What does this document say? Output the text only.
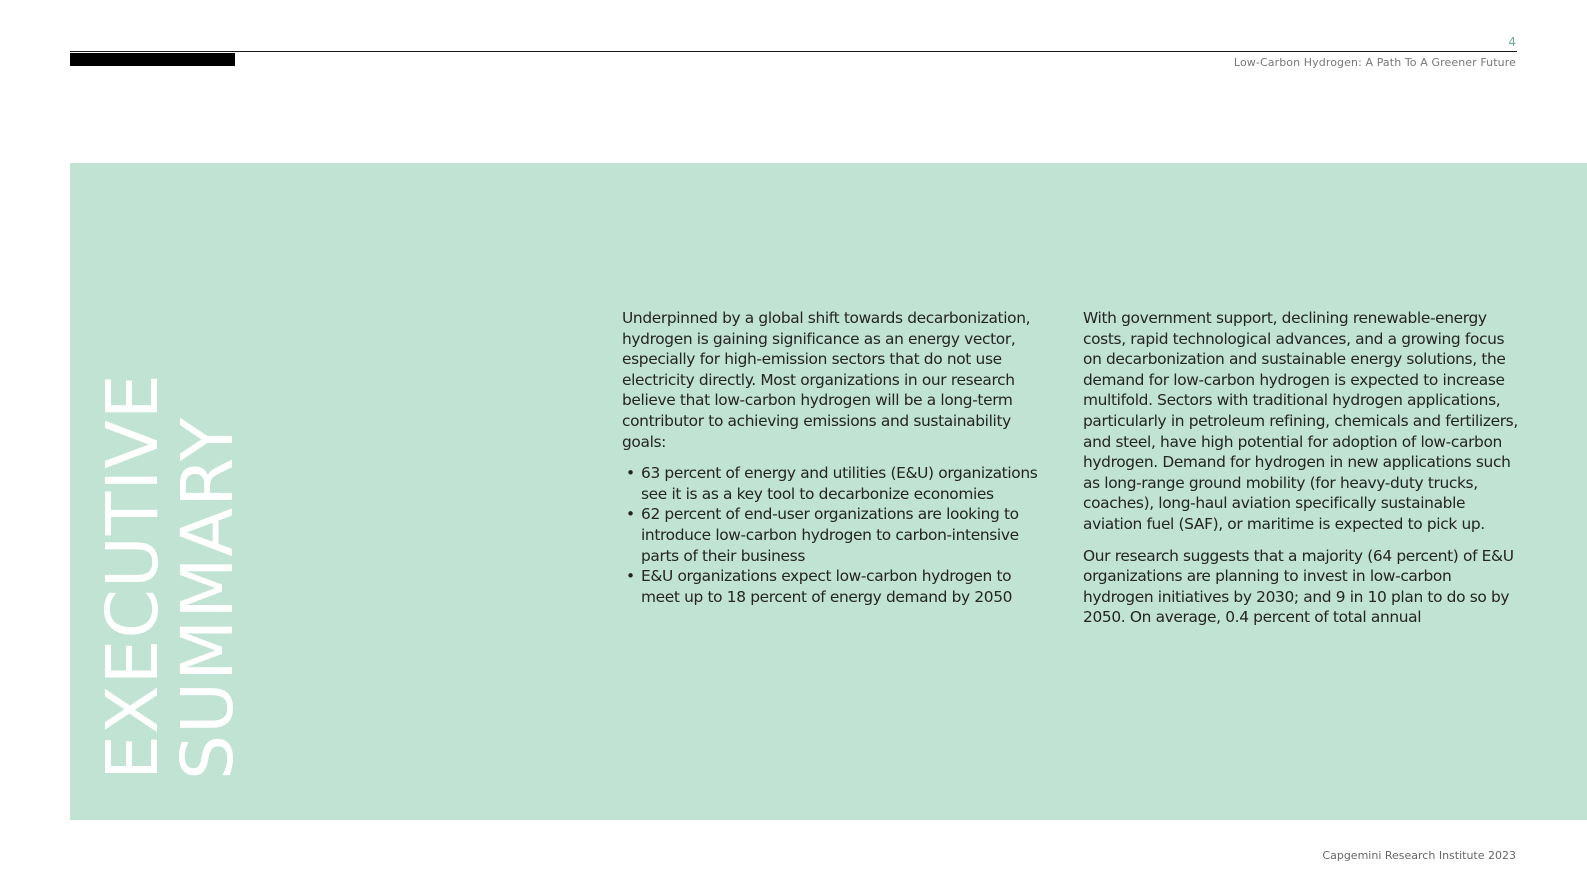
4
Low-Carbon Hydrogen: A Path To A Greener Future
EXECUTIVE
SUMMARY

Underpinned by a global shift towards decarbonization, hydrogen is gaining significance as an energy vector, especially for high-emission sectors that do not use electricity directly. Most organizations in our research believe that low-carbon hydrogen will be a long-term contributor to achieving emissions and sustainability goals:

• 63 percent of energy and utilities (E&U) organizations see it is as a key tool to decarbonize economies
• 62 percent of end-user organizations are looking to introduce low-carbon hydrogen to carbon-intensive parts of their business
• E&U organizations expect low-carbon hydrogen to meet up to 18 percent of energy demand by 2050

With government support, declining renewable-energy costs, rapid technological advances, and a growing focus on decarbonization and sustainable energy solutions, the demand for low-carbon hydrogen is expected to increase multifold. Sectors with traditional hydrogen applications, particularly in petroleum refining, chemicals and fertilizers, and steel, have high potential for adoption of low-carbon hydrogen. Demand for hydrogen in new applications such as long-range ground mobility (for heavy-duty trucks, coaches), long-haul aviation specifically sustainable aviation fuel (SAF), or maritime is expected to pick up.

Our research suggests that a majority (64 percent) of E&U organizations are planning to invest in low-carbon hydrogen initiatives by 2030; and 9 in 10 plan to do so by 2050. On average, 0.4 percent of total annual

Capgemini Research Institute 2023
